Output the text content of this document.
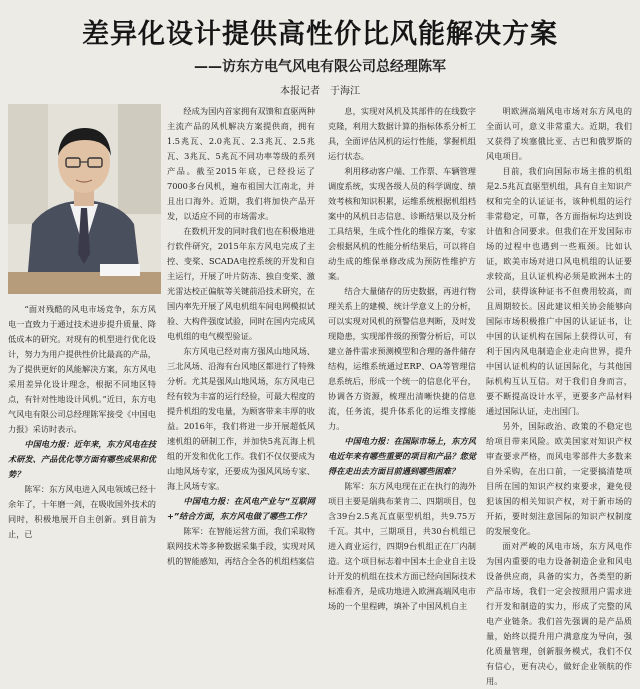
差异化设计提供高性价比风能解决方案
——访东方电气风电有限公司总经理陈军
本报记者　于海江

“面对残酷的风电市场竞争，东方风电一直致力于通过技术进步提升质量、降低成本的研究。对现有的机型进行优化设计，努力为用户提供性价比最高的产品，为了提供更好的风能解决方案，东方风电采用差异化设计理念，根据不同地区特点，有针对性地设计风机。”近日，东方电气风电有限公司总经理陈军接受《中国电力报》采访时表示。

中国电力报：近年来，东方风电在技术研发、产品优化等方面有哪些成果和优势？

陈军：东方风电进入风电领域已经十余年了，十年磨一剑，在吸收国外技术的同时，积极地展开自主创新。到目前为止，已

经成为国内首家拥有双馈和直驱两种主流产品的风机解决方案提供商，拥有1.5兆瓦、2.0兆瓦、2.3兆瓦、2.5兆瓦、3兆瓦、5兆瓦不同功率等级的系列产品。截至2015年底，已经投运了7000多台风机，遍布祖国大江南北，并且出口海外。近期，我们将加快产品开发，以适应不同的市场需求。

在数机开发的同时我们也在积极地进行软件研究，2015年东方风电完成了主控、变桨、SCADA电控系统的开发和自主运行，开展了叶片防冻、独自变桨、激光雷达校正偏航等关键前沿技术研究，在国内率先开展了风电机组车间电网模拟试验、大构件强度试验，同时在国内完成风电机组的电气模型验证。

东方风电已经对南方强风山地风场、三北风场、沿海有台风地区都进行了特殊分析。尤其是强风山地风场，东方风电已经有较为丰富的运行经验，可最大程度的提升机组的发电量，为顾客带来丰厚的收益。2016年，我们将进一步开展超低风速机组的研制工作，并加快5兆瓦海上机组的开发和优化工作。我们不仅仅要成为山地风场专家，还要成为强风风场专家、海上风场专家。

中国电力报：在风电产业与“互联网+”结合方面，东方风电做了哪些工作？

陈军：在智能运营方面，我们采取物联网技术等多种数据采集手段，实现对风机的智能感知，再结合全各的机组档案信

息，实现对风机及其部件的在线数字克隆，利用大数据计算的指标体系分析工具，全面评估风机的运行性能，掌握机组运行状态。

利用移动客户端、工作票、车辆管理调度系统，实现各级人员的科学调度、绩效考核和知识积累，运维系统根据机组档案中的风机日志信息、诊断结果以及分析工具结果，生成个性化的维保方案，专家会根据风机的性能分析结果后，可以将自动生成的维保单修改成为预防性维护方案。

结合大量储存的历史数据，再进行物理关系上的建模、统计学意义上的分析，可以实现对风机的预警信息判断，及时发现隐患，实现部件级的预警分析后，可以建立备件需求预测模型和合理的备件储存结构，运维系统通过ERP、OA等管理信息系统后，形成一个统一的信息化平台，协调各方资源，梳理出清晰快捷的信息流，任务流，提升体系化的运维支撑能力。

中国电力报：在国际市场上，东方风电近年来有哪些重要的项目和产品？您觉得在走出去方面目前遇到哪些困难？

陈军：东方风电现在正在执行的海外项目主要是瑞典布莱肯二、四期项目，包含39台2.5兆瓦直驱型机组，共9.75万千瓦。其中，三期项目，共30台机组已进入商业运行，四期9台机组正在厂内制造。这个项目标志着中国本土企业自主设计开发的机组在技术方面已经向国际技术标准看齐，是成功地进入欧洲高端风电市场的一个里程碑，填补了中国风机自主

明欧洲高端风电市场对东方风电的全面认可，意义非常重大。近期，我们又获得了埃塞俄比亚、古巴和俄罗斯的风电项目。

目前，我们向国际市场主推的机组是2.5兆瓦直驱型机组，具有自主知识产权和完全的认证证书，该种机组的运行非常稳定，可靠，各方面指标均达到设计值和合同要求。但我们在开发国际市场的过程中也遇到一些瓶颈。比如认证，欧美市场对进口风电机组的认证要求较高，且认证机构必须是欧洲本土的公司，获得该种证书不但费用较高，而且周期较长。因此建议相关协会能够向国际市场积极推广中国的认证证书，让中国的认证机构在国际上获得认可，有利于国内风电制造企业走向世界，提升中国认证机构的认证国际化，与其他国际机构互认互信。对于我们自身而言，要不断提高设计水平，更要多产品材料通过国际认证，走出国门。

另外，国际政治、政策的不稳定也给项目带来风险。欧美国家对知识产权审查要求严格，而风电零部件大多数来自外采购，在出口前，一定要搞清楚项目所在国的知识产权约束要求，避免侵犯该国的相关知识产权，对于新市场的开拓，要时刻注意国际的知识产权制度的发展变化。

面对严峻的风电市场，东方风电作为国内重要的电力设备制造企业和风电设备供应商，具备的实力，各类型的新产品市场，我们一定会按照用户需求进行开发和制造的实力，形成了完整的风电产业链条。我们首先强调的是产品质量，始终以提升用户满意度为导向，强化质量管理，创新服务模式，我们不仅有信心，更有决心，做好企业领航的作用。
